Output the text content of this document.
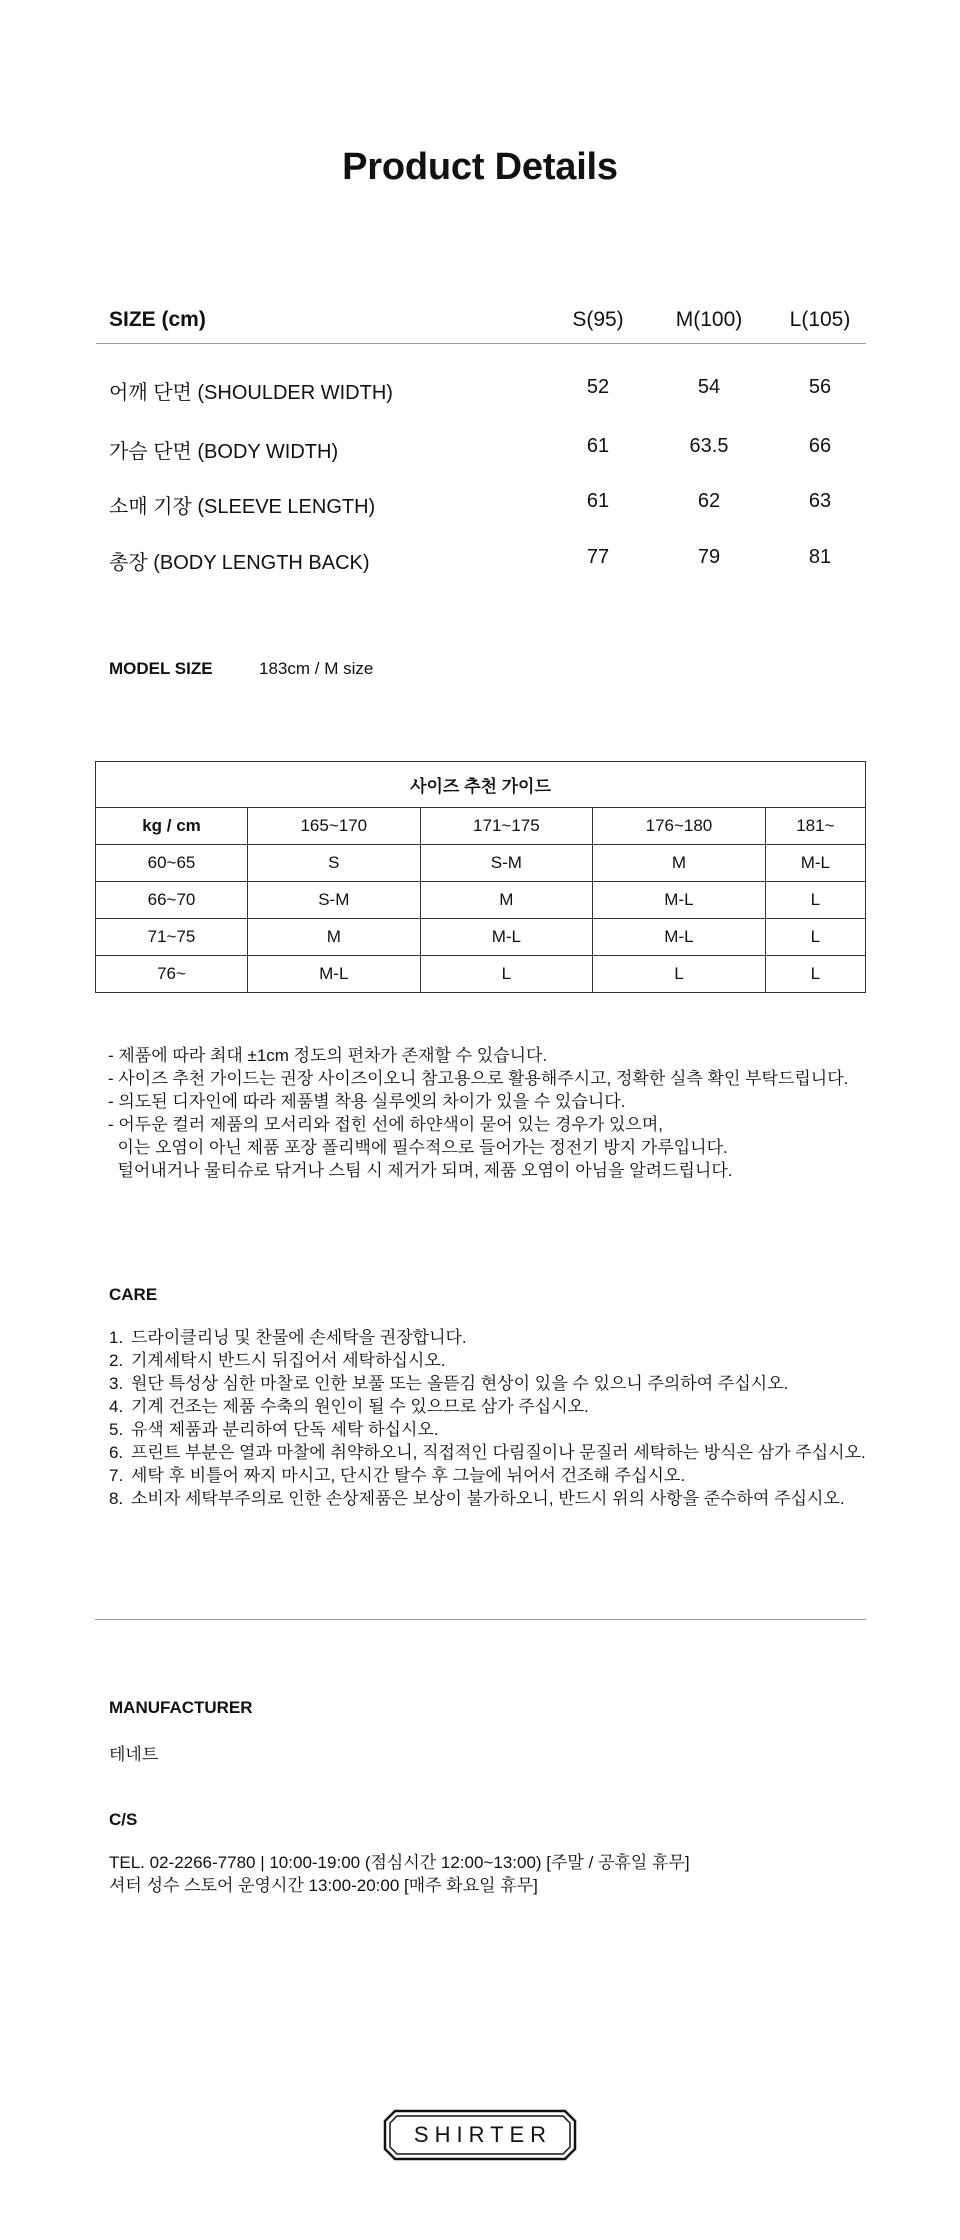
Product Details
SIZE (cm)	S(95)	M(100)	L(105)
어깨 단면 (SHOULDER WIDTH)	52	54	56
가슴 단면 (BODY WIDTH)	61	63.5	66
소매 기장 (SLEEVE LENGTH)	61	62	63
총장 (BODY LENGTH BACK)	77	79	81
MODEL SIZE	183cm / M size
사이즈 추천 가이드				
kg / cm	165~170	171~175	176~180	181~
60~65	S	S-M	M	M-L
66~70	S-M	M	M-L	L
71~75	M	M-L	M-L	L
76~	M-L	L	L	L
- 제품에 따라 최대 ±1cm 정도의 편차가 존재할 수 있습니다.
- 사이즈 추천 가이드는 권장 사이즈이오니 참고용으로 활용해주시고, 정확한 실측 확인 부탁드립니다.
- 의도된 디자인에 따라 제품별 착용 실루엣의 차이가 있을 수 있습니다.
- 어두운 컬러 제품의 모서리와 접힌 선에 하얀색이 묻어 있는 경우가 있으며,
이는 오염이 아닌 제품 포장 폴리백에 필수적으로 들어가는 정전기 방지 가루입니다.
털어내거나 물티슈로 닦거나 스팀 시 제거가 되며, 제품 오염이 아님을 알려드립니다.
CARE
1. 드라이클리닝 및 찬물에 손세탁을 권장합니다.
2. 기계세탁시 반드시 뒤집어서 세탁하십시오.
3. 원단 특성상 심한 마찰로 인한 보풀 또는 올뜯김 현상이 있을 수 있으니 주의하여 주십시오.
4. 기계 건조는 제품 수축의 원인이 될 수 있으므로 삼가 주십시오.
5. 유색 제품과 분리하여 단독 세탁 하십시오.
6. 프린트 부분은 열과 마찰에 취약하오니, 직접적인 다림질이나 문질러 세탁하는 방식은 삼가 주십시오.
7. 세탁 후 비틀어 짜지 마시고, 단시간 탈수 후 그늘에 뉘어서 건조해 주십시오.
8. 소비자 세탁부주의로 인한 손상제품은 보상이 불가하오니, 반드시 위의 사항을 준수하여 주십시오.
MANUFACTURER
테네트
C/S
TEL. 02-2266-7780 | 10:00-19:00 (점심시간 12:00~13:00) [주말 / 공휴일 휴무]
셔터 성수 스토어 운영시간 13:00-20:00 [매주 화요일 휴무]
SHIRTER
